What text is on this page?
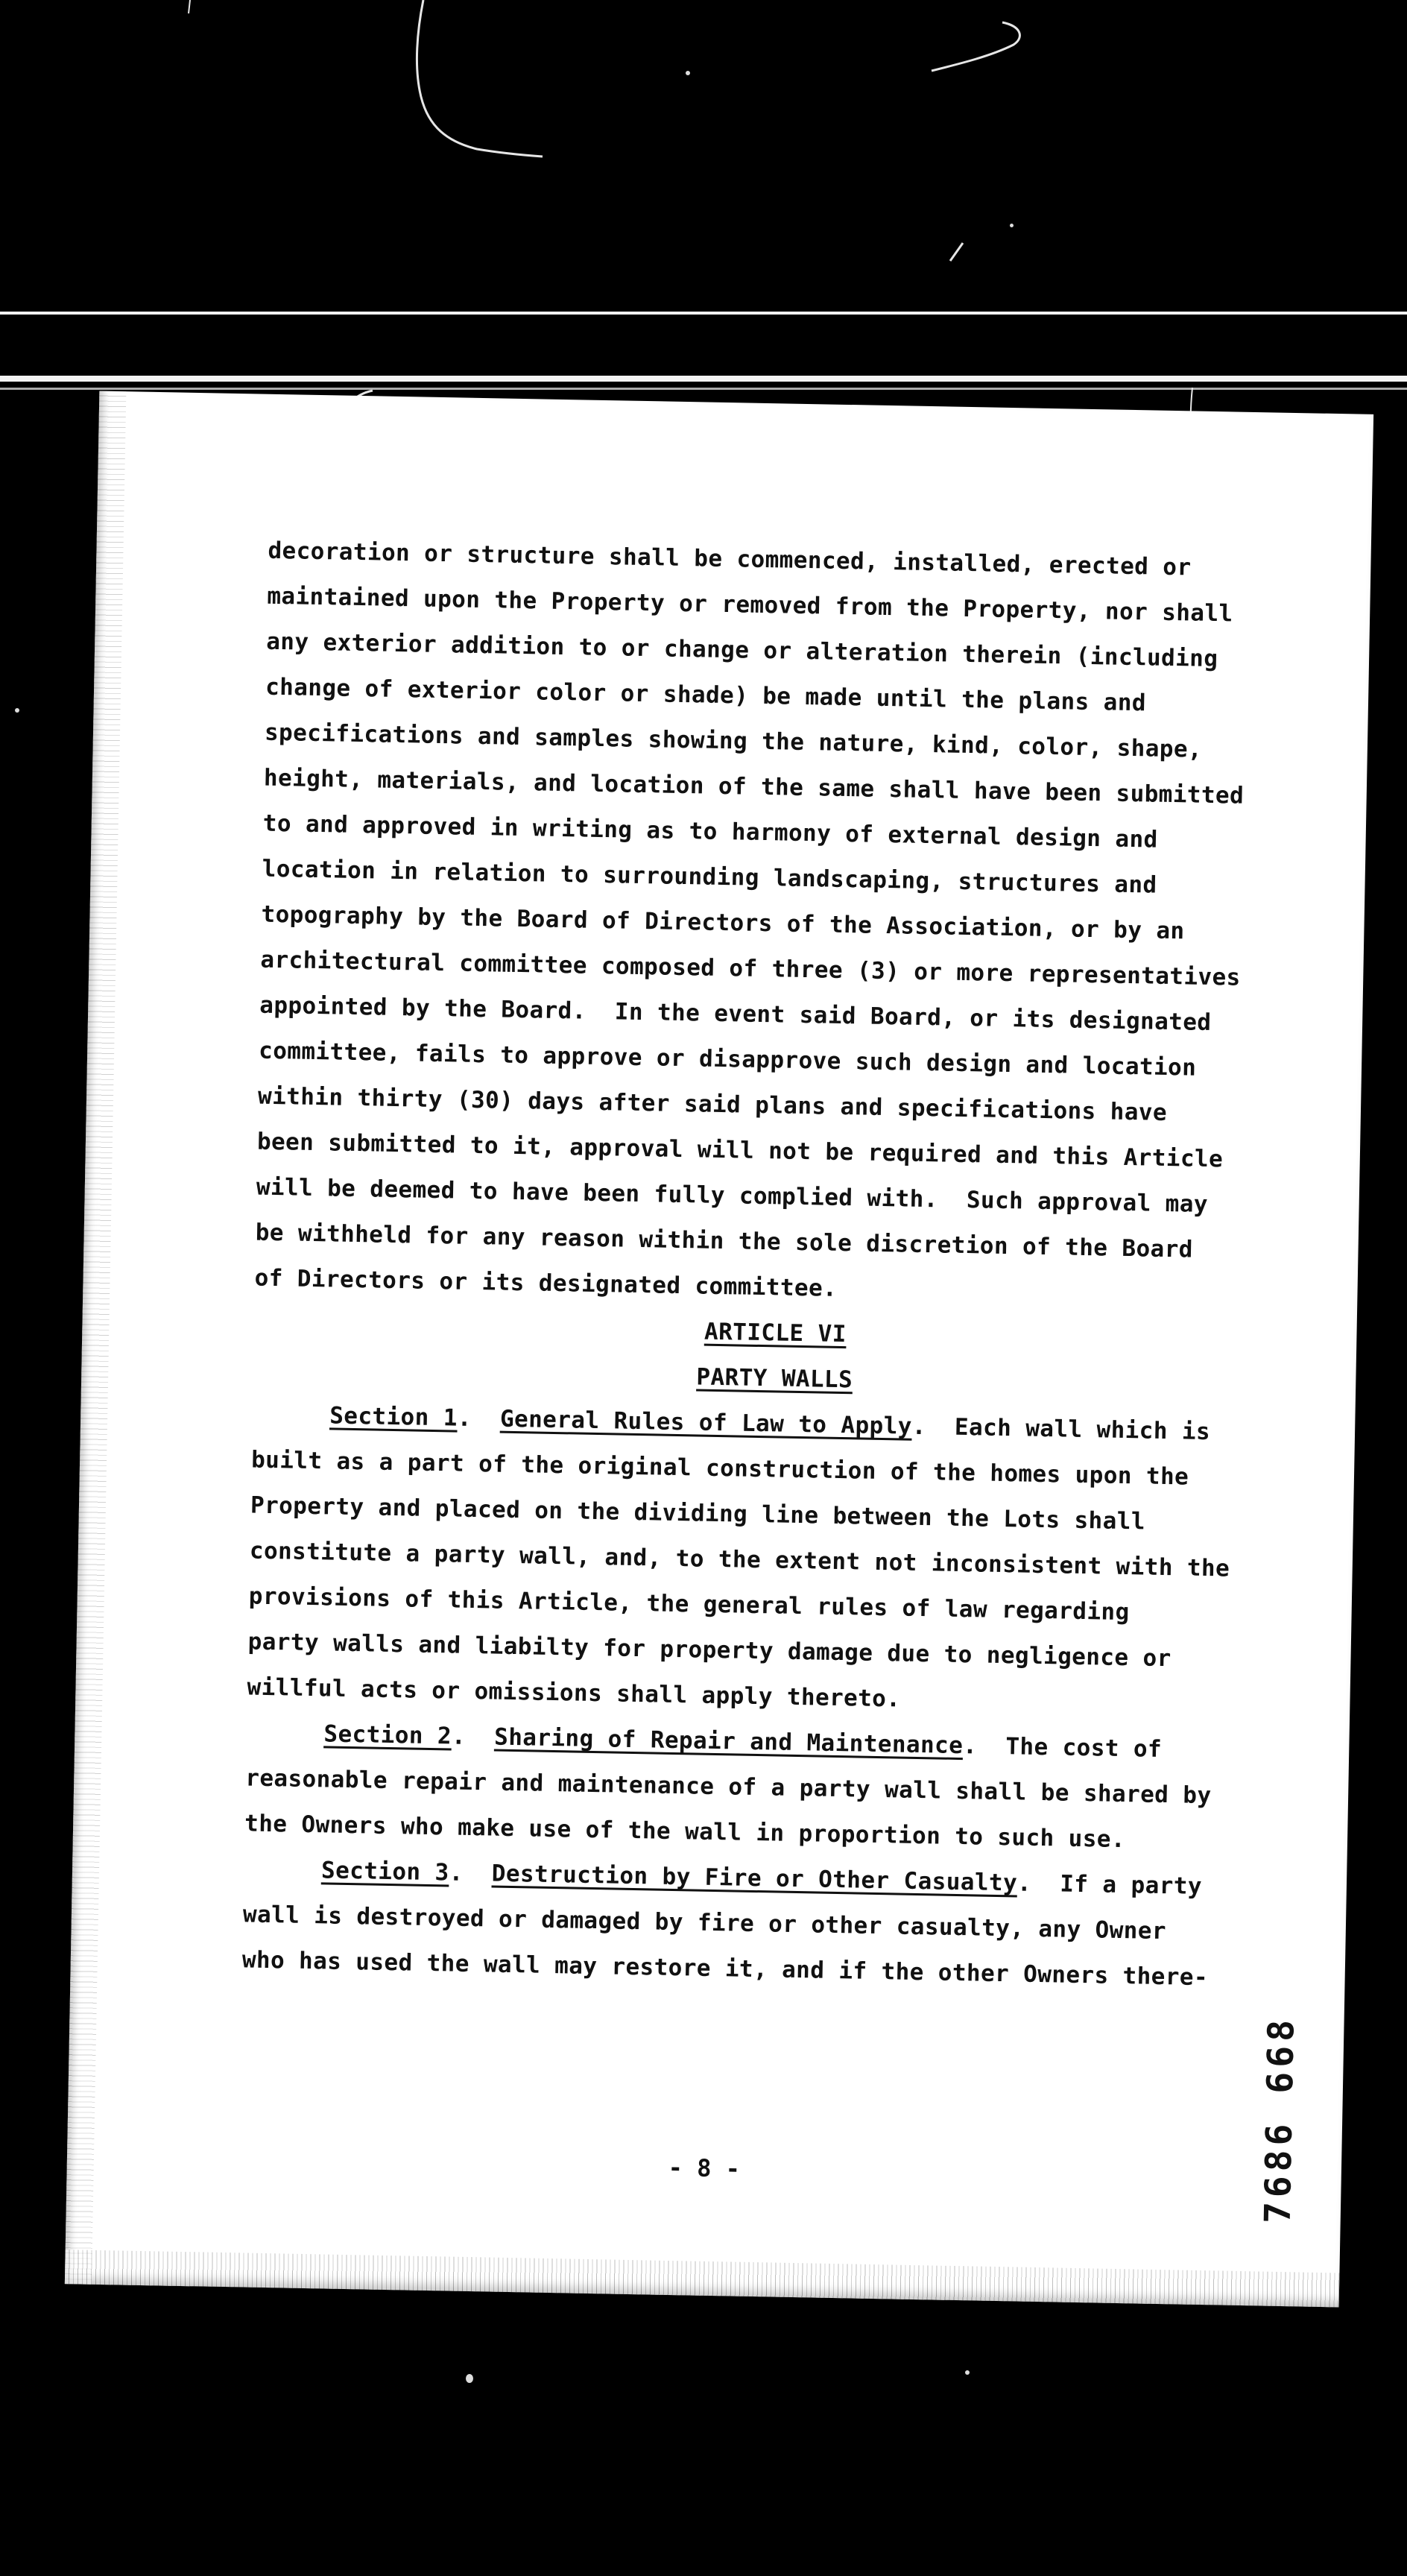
decoration or structure shall be commenced, installed, erected or
maintained upon the Property or removed from the Property, nor shall
any exterior addition to or change or alteration therein (including
change of exterior color or shade) be made until the plans and
specifications and samples showing the nature, kind, color, shape,
height, materials, and location of the same shall have been submitted
to and approved in writing as to harmony of external design and
location in relation to surrounding landscaping, structures and
topography by the Board of Directors of the Association, or by an
architectural committee composed of three (3) or more representatives
appointed by the Board.  In the event said Board, or its designated
committee, fails to approve or disapprove such design and location
within thirty (30) days after said plans and specifications have
been submitted to it, approval will not be required and this Article
will be deemed to have been fully complied with.  Such approval may
be withheld for any reason within the sole discretion of the Board
of Directors or its designated committee.
ARTICLE VI
PARTY WALLS
Section 1.  General Rules of Law to Apply.  Each wall which is
built as a part of the original construction of the homes upon the
Property and placed on the dividing line between the Lots shall
constitute a party wall, and, to the extent not inconsistent with the
provisions of this Article, the general rules of law regarding
party walls and liabilty for property damage due to negligence or
willful acts or omissions shall apply thereto.
Section 2.  Sharing of Repair and Maintenance.  The cost of
reasonable repair and maintenance of a party wall shall be shared by
the Owners who make use of the wall in proportion to such use.
Section 3.  Destruction by Fire or Other Casualty.  If a party
wall is destroyed or damaged by fire or other casualty, any Owner
who has used the wall may restore it, and if the other Owners there-
- 8 -	7686 668
